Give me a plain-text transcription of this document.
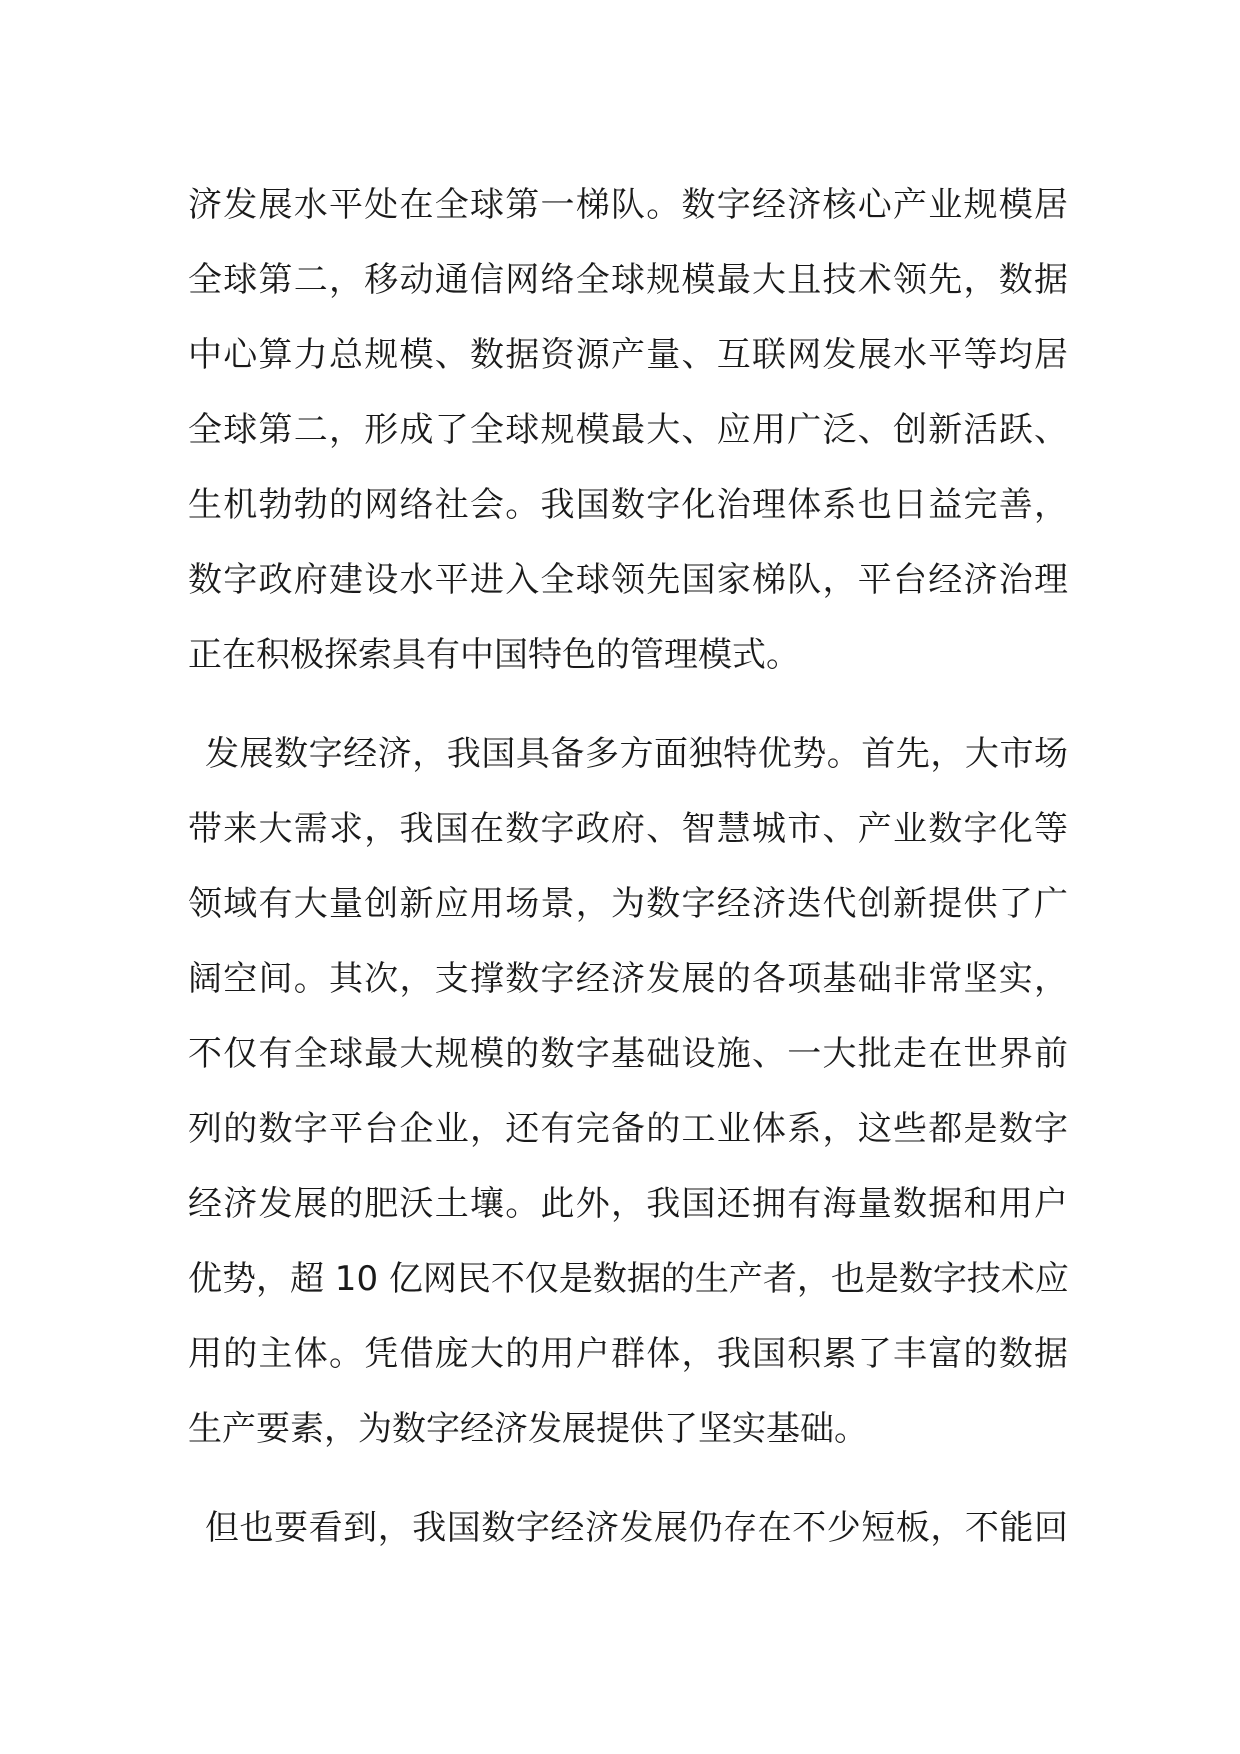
济发展水平处在全球第一梯队。数字经济核心产业规模居
全球第二，移动通信网络全球规模最大且技术领先，数据
中心算力总规模、数据资源产量、互联网发展水平等均居
全球第二，形成了全球规模最大、应用广泛、创新活跃、
生机勃勃的网络社会。我国数字化治理体系也日益完善，
数字政府建设水平进入全球领先国家梯队，平台经济治理
正在积极探索具有中国特色的管理模式。
发展数字经济，我国具备多方面独特优势。首先，大市场
带来大需求，我国在数字政府、智慧城市、产业数字化等
领域有大量创新应用场景，为数字经济迭代创新提供了广
阔空间。其次，支撑数字经济发展的各项基础非常坚实，
不仅有全球最大规模的数字基础设施、一大批走在世界前
列的数字平台企业，还有完备的工业体系，这些都是数字
经济发展的肥沃土壤。此外，我国还拥有海量数据和用户
优势，超 10 亿网民不仅是数据的生产者，也是数字技术应
用的主体。凭借庞大的用户群体，我国积累了丰富的数据
生产要素，为数字经济发展提供了坚实基础。
但也要看到，我国数字经济发展仍存在不少短板，不能回
